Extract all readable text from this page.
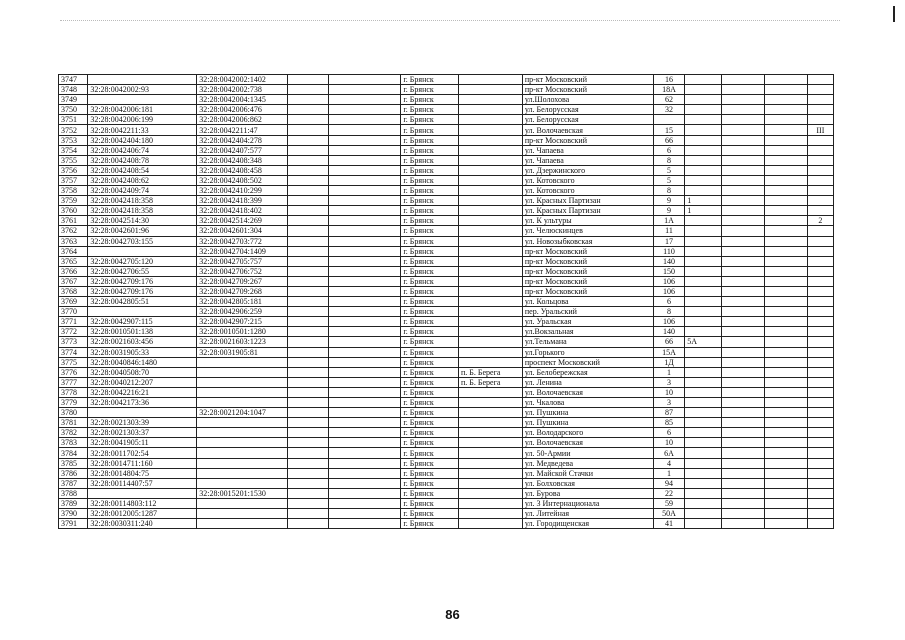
3747		32:28:0042002:1402			г. Брянск		пр-кт Московский	16				
3748	32:28:0042002:93	32:28:0042002:738			г. Брянск		пр-кт Московский	18А				
3749		32:28:0042004:1345			г. Брянск		ул.Шолохова	62				
3750	32:28:0042006:181	32:28:0042006:476			г. Брянск		ул. Белорусская	32				
3751	32:28:0042006:199	32:28:0042006:862			г. Брянск		ул. Белорусская					
3752	32:28:0042211:33	32:28:0042211:47			г. Брянск		ул. Волочаевская	15				III
3753	32:28:0042404:180	32:28:0042404:278			г. Брянск		пр-кт Московский	66				
3754	32:28:0042406:74	32:28:0042407:577			г. Брянск		ул. Чапаева	6				
3755	32:28:0042408:78	32:28:0042408:348			г. Брянск		ул. Чапаева	8				
3756	32:28:0042408:54	32:28:0042408:458			г. Брянск		ул. Дзержинского	5				
3757	32:28:0042408:62	32:28:0042408:502			г. Брянск		ул. Котовского	5				
3758	32:28:0042409:74	32:28:0042410:299			г. Брянск		ул. Котовского	8				
3759	32:28:0042418:358	32:28:0042418:399			г. Брянск		ул. Красных Партизан	9	1			
3760	32:28:0042418:358	32:28:0042418:402			г. Брянск		ул. Красных Партизан	9	1			
3761	32:28:0042514:30	32:28:0042514:269			г. Брянск		ул. К ультуры	1А				2
3762	32:28:0042601:96	32:28:0042601:304			г. Брянск		ул. Челюскинцев	11				
3763	32:28:0042703:155	32:28:0042703:772			г. Брянск		ул. Новозыбковская	17				
3764		32:28:0042704:1409			г. Брянск		пр-кт Московский	110				
3765	32:28:0042705:120	32:28:0042705:757			г. Брянск		пр-кт Московский	140				
3766	32:28:0042706:55	32:28:0042706:752			г. Брянск		пр-кт Московский	150				
3767	32:28:0042709:176	32:28:0042709:267			г. Брянск		пр-кт Московский	106				
3768	32:28:0042709:176	32:28:0042709:268			г. Брянск		пр-кт Московский	106				
3769	32:28:0042805:51	32:28:0042805:181			г. Брянск		ул. Кольцова	6				
3770		32:28:0042906:259			г. Брянск		пер. Уральский	8				
3771	32:28:0042907:115	32:28:0042907:215			г. Брянск		ул. Уральская	106				
3772	32:28:0010501:138	32:28:0010501:1280			г. Брянск		ул.Вокзальная	140				
3773	32:28:0021603:456	32:28:0021603:1223			г. Брянск		ул.Тельмана	66	5А			
3774	32:28:0031905:33	32:28:0031905:81			г. Брянск		ул.Горького	15А				
3775	32:28:0040846:1480				г. Брянск		проспект Московский	1Д				
3776	32:28:0040508:70				г. Брянск	п. Б. Берега	ул. Белобережская	1				
3777	32:28:0040212:207				г. Брянск	п. Б. Берега	ул. Ленина	3				
3778	32:28:0042216:21				г. Брянск		ул. Волочаевская	10				
3779	32:28:0042173:36				г. Брянск		ул. Чкалова	3				
3780		32:28:0021204:1047			г. Брянск		ул. Пушкина	87				
3781	32:28:0021303:39				г. Брянск		ул. Пушкина	85				
3782	32:28:0021303:37				г. Брянск		ул. Володарского	6				
3783	32:28:0041905:11				г. Брянск		ул. Волочаевская	10				
3784	32:28:0011702:54				г. Брянск		ул. 50-Армии	6А				
3785	32:28:0014711:160				г. Брянск		ул. Медведева	4				
3786	32:28:0014804:75				г. Брянск		ул. Майской Стачки	1				
3787	32:28:00114407:57				г. Брянск		ул. Болховская	94				
3788		32:28:0015201:1530			г. Брянск		ул. Бурова	22				
3789	32:28:00114803:112				г. Брянск		ул. 3 Интернационала	59				
3790	32:28:0012005:1287				г. Брянск		ул. Литейная	50А				
3791	32:28:0030311:240				г. Брянск		ул. Городищенская	41				
86
